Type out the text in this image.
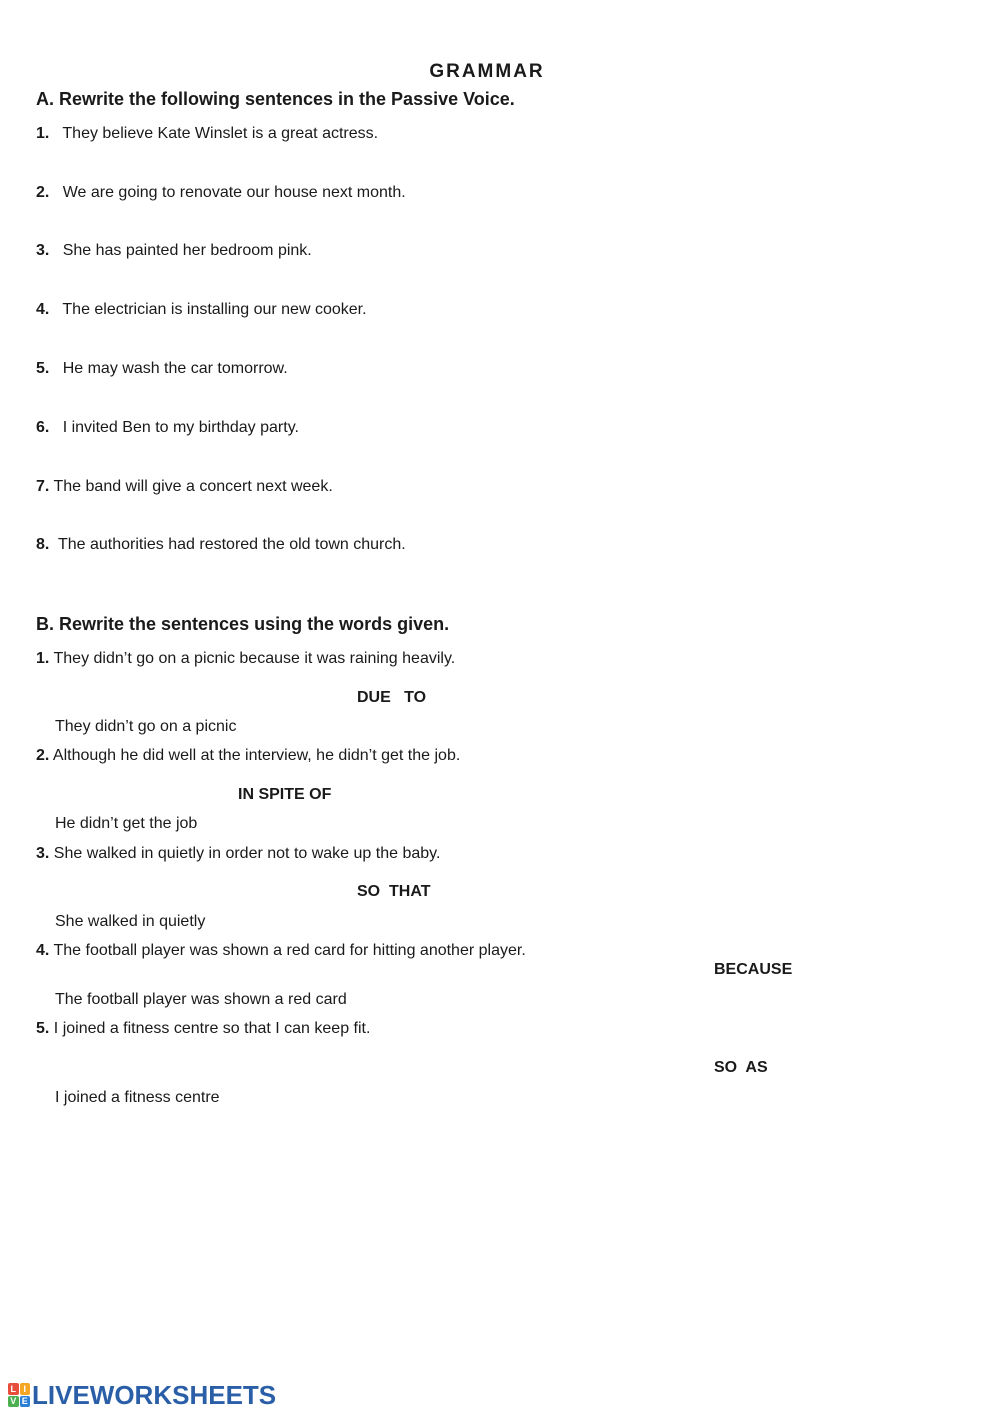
GRAMMAR
A. Rewrite the following sentences in the Passive Voice.
1. They believe Kate Winslet is a great actress.
2. We are going to renovate our house next month.
3. She has painted her bedroom pink.
4. The electrician is installing our new cooker.
5. He may wash the car tomorrow.
6. I invited Ben to my birthday party.
7. The band will give a concert next week.
8. The authorities had restored the old town church.
B. Rewrite the sentences using the words given.
1. They didn’t go on a picnic because it was raining heavily.
DUE   TO
They didn’t go on a picnic
2. Although he did well at the interview, he didn’t get the job.
IN SPITE OF
He didn’t get the job
3. She walked in quietly in order not to wake up the baby.
SO  THAT
She walked in quietly
4. The football player was shown a red card for hitting another player.
BECAUSE
The football player was shown a red card
5. I joined a fitness centre so that I can keep fit.
SO  AS
I joined a fitness centre
L I
V E LIVEWORKSHEETS
